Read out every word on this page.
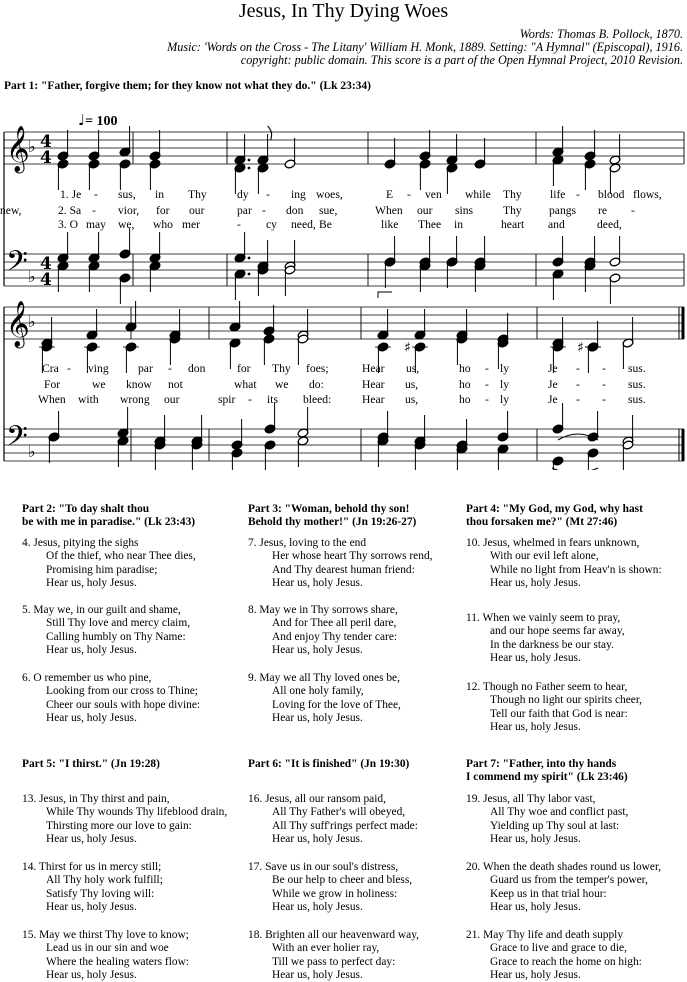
Jesus, In Thy Dying Woes
Words: Thomas B. Pollock, 1870.
Music: 'Words on the Cross - The Litany' William H. Monk, 1889. Setting: "A Hymnal" (Episcopal), 1916.
copyright: public domain. This score is a part of the Open Hymnal Project, 2010 Revision.
Part 1: "Father, forgive them; for they know not what they do." (Lk 23:34)
♩= 100
𝄞
♭ 4
4
𝄢 ♭
4
4
𝄞
♭
𝄢 ♭
♯	♯
1. Je - sus, in Thy	dy - ing woes,	E - ven while Thy life - blood flows,
2. Sa - vior, for our	par - don sue,	When our sins	Thy pangs re -
new,
3. O may we, who mer	- cy need, Be	like Thee in	heart and	deed,
Cra - ving	par - don	for Thy foes;	Hear us,	ho - ly	Je - - sus.
For	we know not	what we do:	Hear us,	ho - ly	Je - - sus.
When with wrong our	spir - its bleed:	Hear us,	ho - ly	Je - - sus.
Part 2: "To day shalt thou
be with me in paradise." (Lk 23:43)
Part 3: "Woman, behold thy son!
Behold thy mother!" (Jn 19:26-27)
Part 4: "My God, my God, why hast
thou forsaken me?" (Mt 27:46)
4. Jesus, pitying the sighs
Of the thief, who near Thee dies,
Promising him paradise;
Hear us, holy Jesus.
7. Jesus, loving to the end
Her whose heart Thy sorrows rend,
And Thy dearest human friend:
Hear us, holy Jesus.
10. Jesus, whelmed in fears unknown,
With our evil left alone,
While no light from Heav'n is shown:
Hear us, holy Jesus.
5. May we, in our guilt and shame,
Still Thy love and mercy claim,
Calling humbly on Thy Name:
Hear us, holy Jesus.
8. May we in Thy sorrows share,
And for Thee all peril dare,
And enjoy Thy tender care:
Hear us, holy Jesus.
11. When we vainly seem to pray,
and our hope seems far away,
In the darkness be our stay.
Hear us, holy Jesus.
6. O remember us who pine,
Looking from our cross to Thine;
Cheer our souls with hope divine:
Hear us, holy Jesus.
9. May we all Thy loved ones be,
All one holy family,
Loving for the love of Thee,
Hear us, holy Jesus.
12. Though no Father seem to hear,
Though no light our spirits cheer,
Tell our faith that God is near:
Hear us, holy Jesus.
Part 5: "I thirst." (Jn 19:28)	Part 6: "It is finished" (Jn 19:30)	Part 7: "Father, into thy hands
I commend my spirit" (Lk 23:46)
13. Jesus, in Thy thirst and pain,
While Thy wounds Thy lifeblood drain,
Thirsting more our love to gain:
Hear us, holy Jesus.
16. Jesus, all our ransom paid,
All Thy Father's will obeyed,
All Thy suff'rings perfect made:
Hear us, holy Jesus.
19. Jesus, all Thy labor vast,
All Thy woe and conflict past,
Yielding up Thy soul at last:
Hear us, holy Jesus.
14. Thirst for us in mercy still;
All Thy holy work fulfill;
Satisfy Thy loving will:
Hear us, holy Jesus.
17. Save us in our soul's distress,
Be our help to cheer and bless,
While we grow in holiness:
Hear us, holy Jesus.
20. When the death shades round us lower,
Guard us from the temper's power,
Keep us in that trial hour:
Hear us, holy Jesus.
15. May we thirst Thy love to know;
Lead us in our sin and woe
Where the healing waters flow:
Hear us, holy Jesus.
18. Brighten all our heavenward way,
With an ever holier ray,
Till we pass to perfect day:
Hear us, holy Jesus.
21. May Thy life and death supply
Grace to live and grace to die,
Grace to reach the home on high:
Hear us, holy Jesus.
